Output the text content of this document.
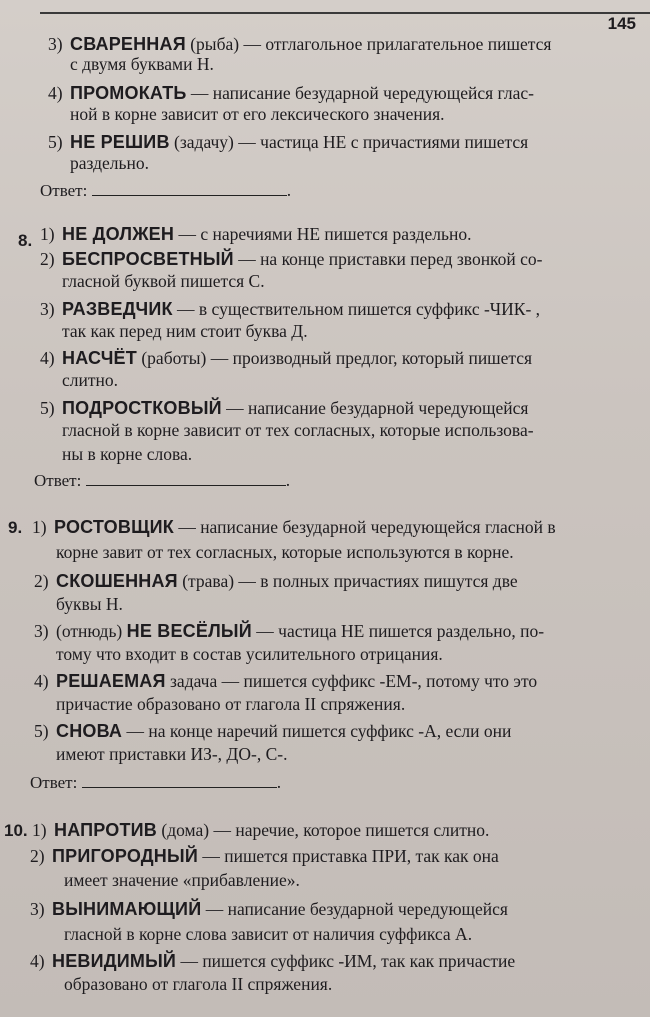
145
3) СВАРЕННАЯ (рыба) — отглагольное прилагательное пишется
с двумя буквами Н.
4) ПРОМОКАТЬ — написание безударной чередующейся глас-
ной в корне зависит от его лексического значения.
5) НЕ РЕШИВ (задачу) — частица НЕ с причастиями пишется
раздельно.
Ответ:	.
8. 1) НЕ ДОЛЖЕН — с наречиями НЕ пишется раздельно.
2) БЕСПРОСВЕТНЫЙ — на конце приставки перед звонкой со-
гласной буквой пишется С.
3) РАЗВЕДЧИК — в существительном пишется суффикс -ЧИК- ,
так как перед ним стоит буква Д.
4) НАСЧЁТ (работы) — производный предлог, который пишется
слитно.
5) ПОДРОСТКОВЫЙ — написание безударной чередующейся
гласной в корне зависит от тех согласных, которые использова-
ны в корне слова.
Ответ:	.
9. 1) РОСТОВЩИК — написание безударной чередующейся гласной в
корне завит от тех согласных, которые используются в корне.
2) СКОШЕННАЯ (трава) — в полных причастиях пишутся две
буквы Н.
3) (отнюдь) НЕ ВЕСЁЛЫЙ — частица НЕ пишется раздельно, по-
тому что входит в состав усилительного отрицания.
4) РЕШАЕМАЯ задача — пишется суффикс -ЕМ-, потому что это
причастие образовано от глагола II спряжения.
5) СНОВА — на конце наречий пишется суффикс -А, если они
имеют приставки ИЗ-, ДО-, С-.
Ответ:	.
10. 1) НАПРОТИВ (дома) — наречие, которое пишется слитно.
2) ПРИГОРОДНЫЙ — пишется приставка ПРИ, так как она
имеет значение «прибавление».
3) ВЫНИМАЮЩИЙ — написание безударной чередующейся
гласной в корне слова зависит от наличия суффикса А.
4) НЕВИДИМЫЙ — пишется суффикс -ИМ, так как причастие
образовано от глагола II спряжения.
